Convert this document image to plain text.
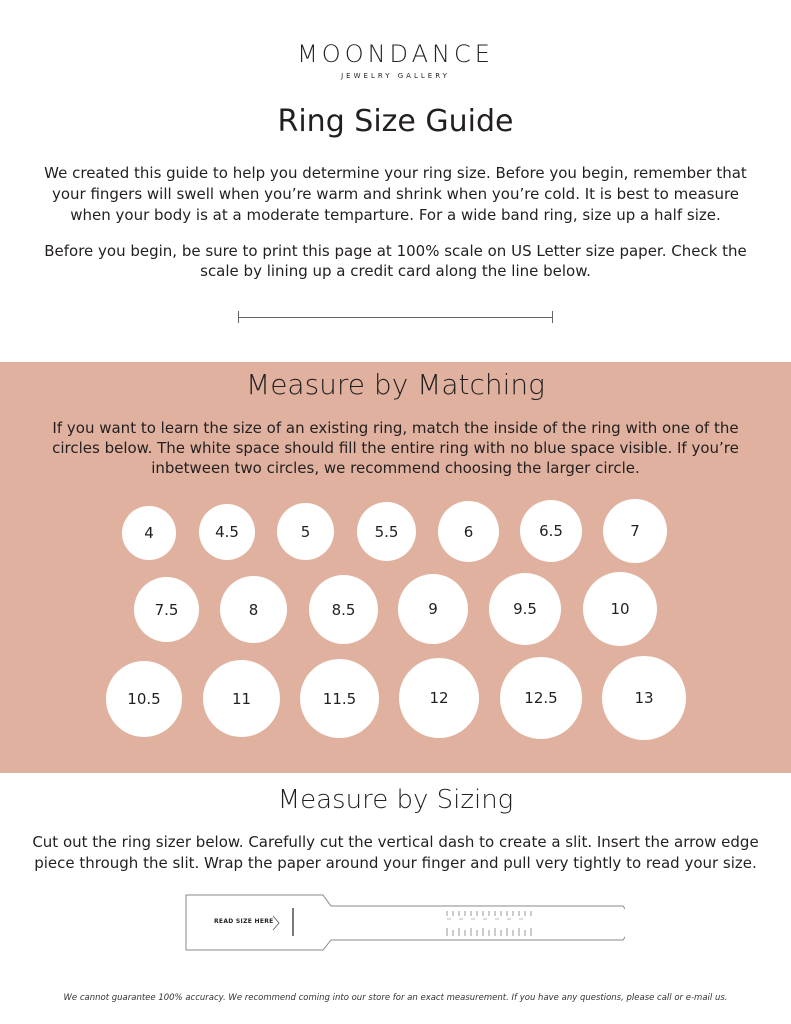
MOONDANCE
JEWELRY GALLERY
Ring Size Guide
We created this guide to help you determine your ring size. Before you begin, remember that your fingers will swell when you’re warm and shrink when you’re cold. It is best to measure when your body is at a moderate temparture. For a wide band ring, size up a half size.
Before you begin, be sure to print this page at 100% scale on US Letter size paper. Check the scale by lining up a credit card along the line below.
Measure by Matching
If you want to learn the size of an existing ring, match the inside of the ring with one of the circles below. The white space should fill the entire ring with no blue space visible. If you’re inbetween two circles, we recommend choosing the larger circle.
4	4.5	5	5.5	6	6.5	7
7.5	8	8.5	9	9.5	10
10.5	11	11.5	12	12.5	13
Measure by Sizing
Cut out the ring sizer below. Carefully cut the vertical dash to create a slit. Insert the arrow edge piece through the slit. Wrap the paper around your finger and pull very tightly to read your size.
READ SIZE HERE
We cannot guarantee 100% accuracy. We recommend coming into our store for an exact measurement. If you have any questions, please call or e-mail us.
